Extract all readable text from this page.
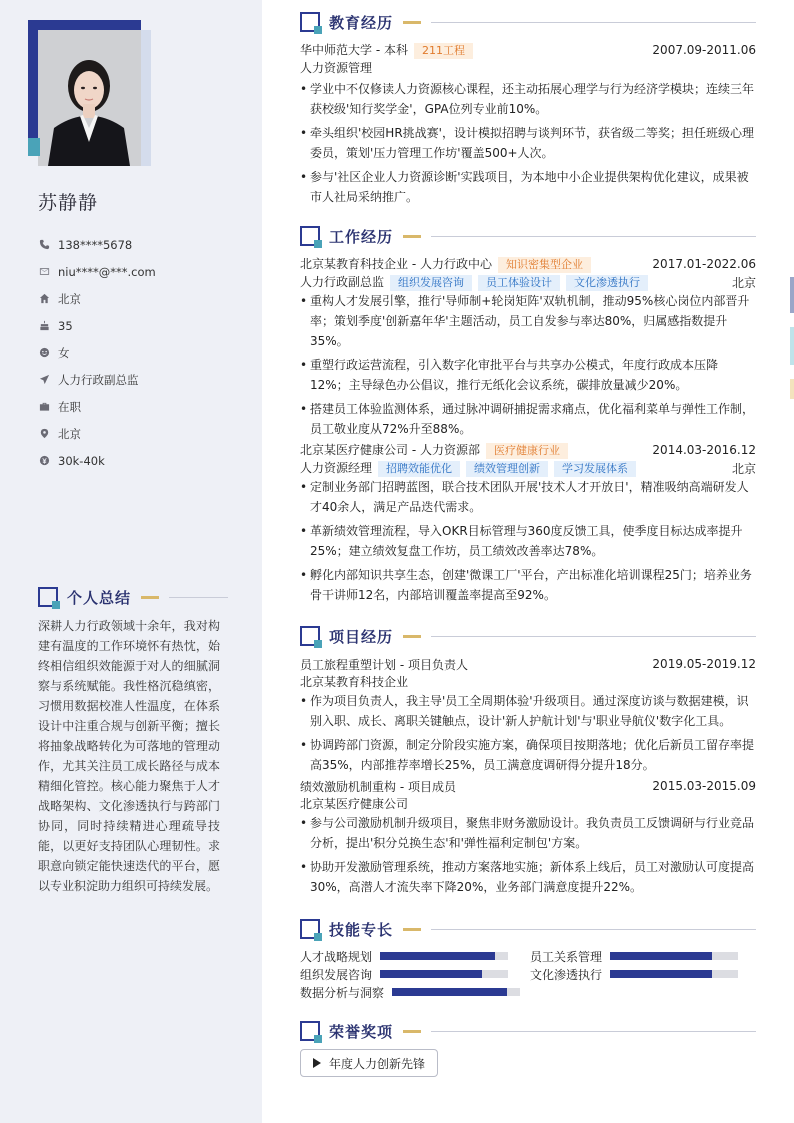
苏静静
138****5678
niu****@***.com
北京
35
女
人力行政副总监
在职
北京
30k-40k
个人总结
深耕人力行政领域十余年，我对构建有温度的工作环境怀有热忱，始终相信组织效能源于对人的细腻洞察与系统赋能。我性格沉稳缜密，习惯用数据校准人性温度，在体系设计中注重合规与创新平衡；擅长将抽象战略转化为可落地的管理动作，尤其关注员工成长路径与成本精细化管控。核心能力聚焦于人才战略架构、文化渗透执行与跨部门协同，同时持续精进心理疏导技能，以更好支持团队心理韧性。求职意向锁定能快速迭代的平台，愿以专业积淀助力组织可持续发展。
教育经历
华中师范大学 - 本科 211工程	2007.09-2011.06
人力资源管理
• 学业中不仅修读人力资源核心课程，还主动拓展心理学与行为经济学模块；连续三年获校级'知行奖学金'，GPA位列专业前10%。
• 牵头组织'校园HR挑战赛'，设计模拟招聘与谈判环节，获省级二等奖；担任班级心理委员，策划'压力管理工作坊'覆盖500+人次。
• 参与'社区企业人力资源诊断'实践项目，为本地中小企业提供架构优化建议，成果被市人社局采纳推广。
工作经历
北京某教育科技企业 - 人力行政中心 知识密集型企业	2017.01-2022.06
人力行政副总监 组织发展咨询 员工体验设计 文化渗透执行	北京
• 重构人才发展引擎，推行'导师制+轮岗矩阵'双轨机制，推动95%核心岗位内部晋升率；策划季度'创新嘉年华'主题活动，员工自发参与率达80%，归属感指数提升35%。
• 重塑行政运营流程，引入数字化审批平台与共享办公模式，年度行政成本压降12%；主导绿色办公倡议，推行无纸化会议系统，碳排放量减少20%。
• 搭建员工体验监测体系，通过脉冲调研捕捉需求痛点，优化福利菜单与弹性工作制，员工敬业度从72%升至88%。
北京某医疗健康公司 - 人力资源部 医疗健康行业	2014.03-2016.12
人力资源经理 招聘效能优化 绩效管理创新 学习发展体系	北京
• 定制业务部门招聘蓝图，联合技术团队开展'技术人才开放日'，精准吸纳高端研发人才40余人，满足产品迭代需求。
• 革新绩效管理流程，导入OKR目标管理与360度反馈工具，使季度目标达成率提升25%；建立绩效复盘工作坊，员工绩效改善率达78%。
• 孵化内部知识共享生态，创建'微课工厂'平台，产出标准化培训课程25门；培养业务骨干讲师12名，内部培训覆盖率提高至92%。
项目经历
员工旅程重塑计划 - 项目负责人	2019.05-2019.12
北京某教育科技企业
• 作为项目负责人，我主导'员工全周期体验'升级项目。通过深度访谈与数据建模，识别入职、成长、离职关键触点，设计'新人护航计划'与'职业导航仪'数字化工具。
• 协调跨部门资源，制定分阶段实施方案，确保项目按期落地；优化后新员工留存率提高35%，内部推荐率增长25%，员工满意度调研得分提升18分。
绩效激励机制重构 - 项目成员	2015.03-2015.09
北京某医疗健康公司
• 参与公司激励机制升级项目，聚焦非财务激励设计。我负责员工反馈调研与行业竞品分析，提出'积分兑换生态'和'弹性福利定制包'方案。
• 协助开发激励管理系统，推动方案落地实施；新体系上线后，员工对激励认可度提高30%，高潜人才流失率下降20%，业务部门满意度提升22%。
技能专长
人才战略规划	员工关系管理
组织发展咨询	文化渗透执行
数据分析与洞察
荣誉奖项
年度人力创新先锋
